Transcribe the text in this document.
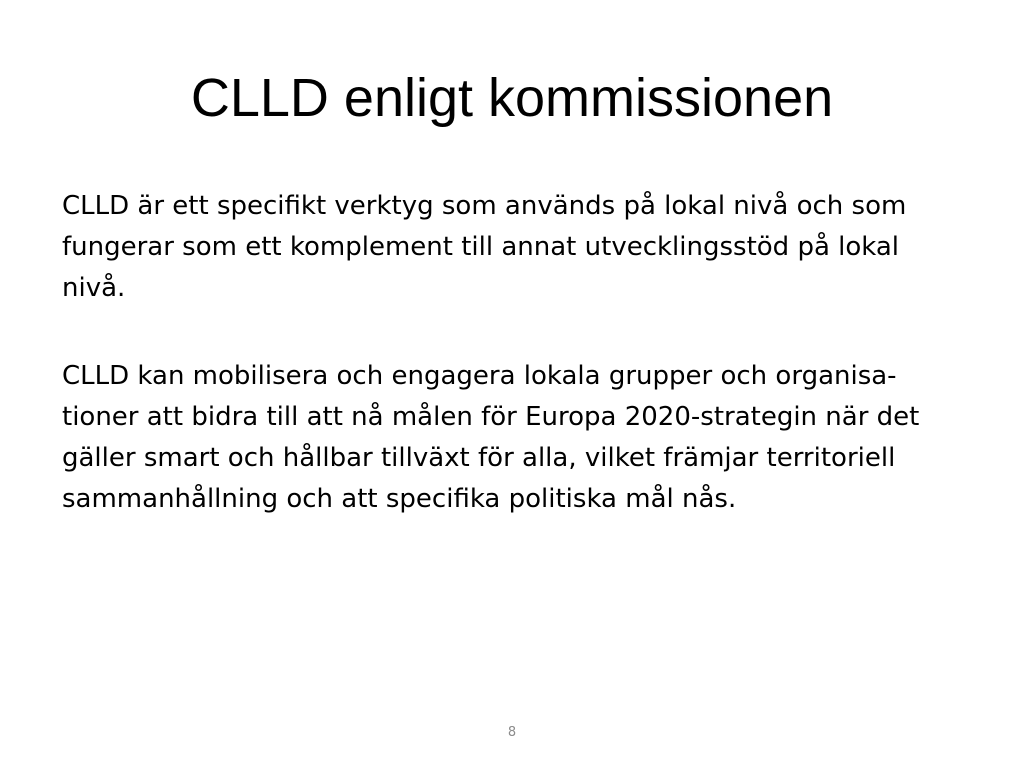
CLLD enligt kommissionen

CLLD är ett specifikt verktyg som används på lokal nivå och som
fungerar som ett komplement till annat utvecklingsstöd på lokal
nivå.

CLLD kan mobilisera och engagera lokala grupper och organisa-
tioner att bidra till att nå målen för Europa 2020-strategin när det
gäller smart och hållbar tillväxt för alla, vilket främjar territoriell
sammanhållning och att specifika politiska mål nås.

8
